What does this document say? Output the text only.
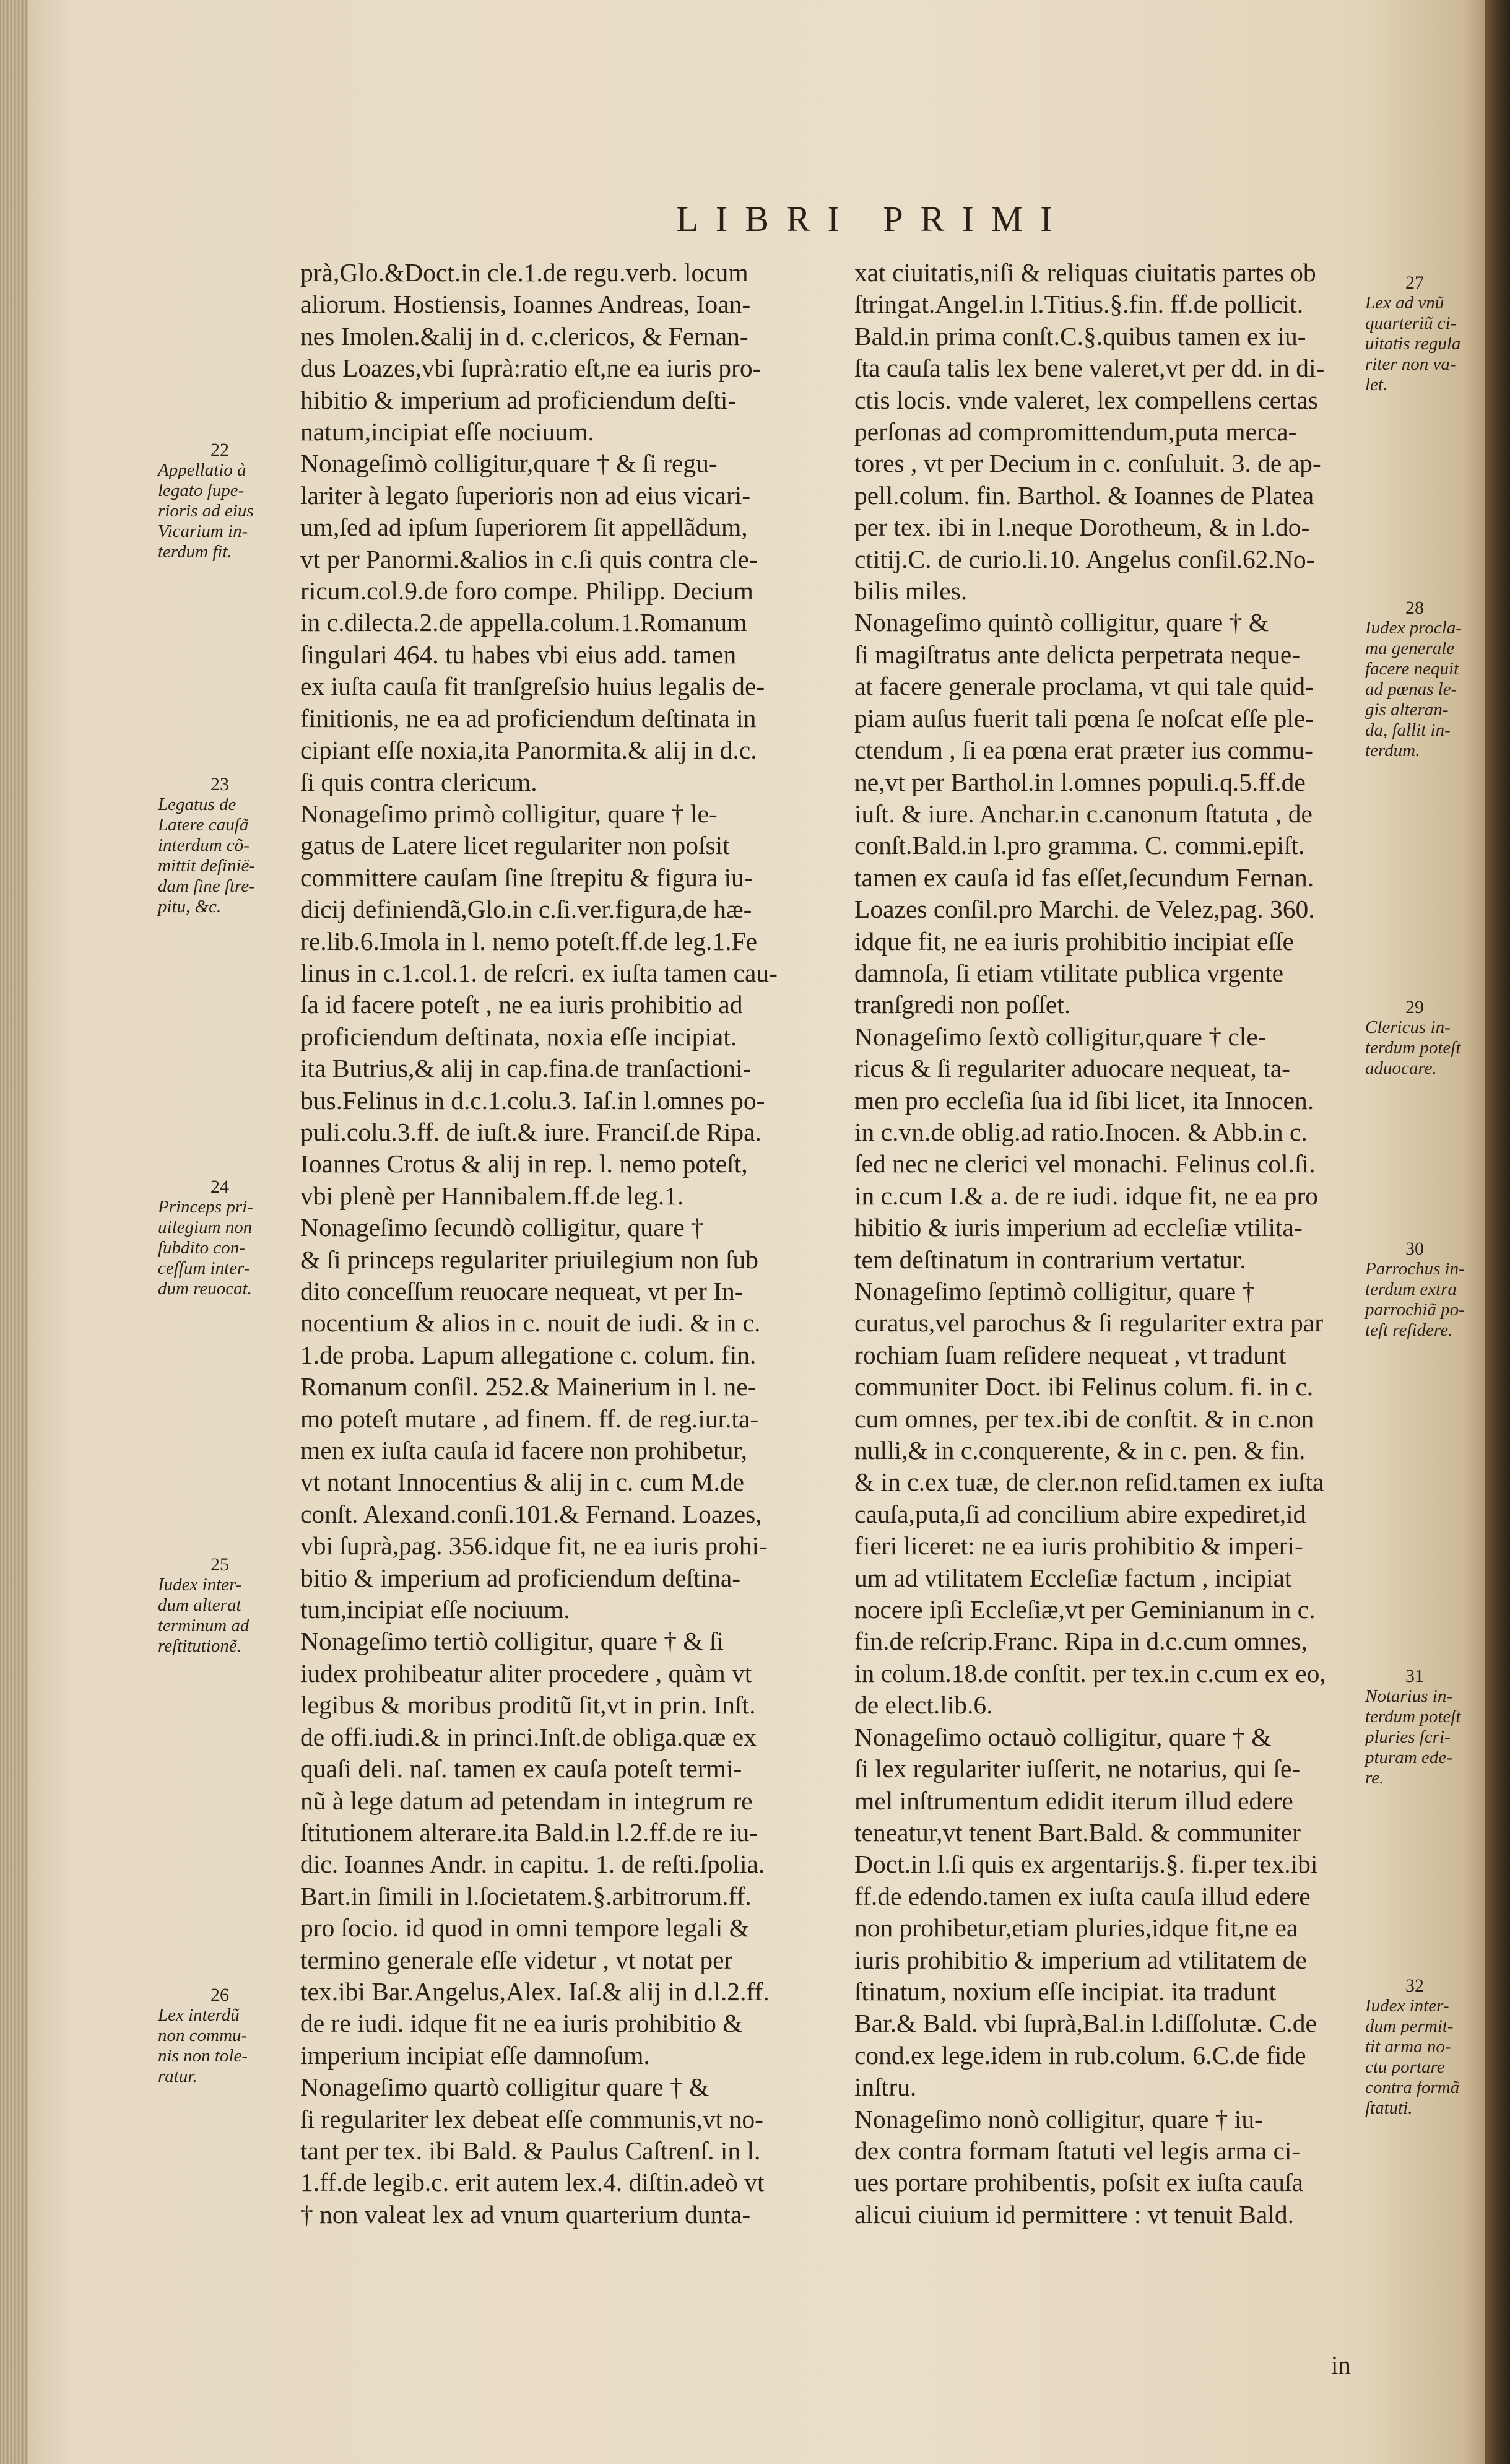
LIBRI PRIMI

prà,Glo.&Doct.in cle.1.de regu.verb. locum

aliorum. Hostiensis, Ioannes Andreas, Ioan-

nes Imolen.&alij in d. c.clericos, & Fernan-

dus Loazes,vbi ſuprà:ratio eſt,ne ea iuris pro-

hibitio & imperium ad proficiendum deſti-

natum,incipiat eſſe nociuum.

Nonageſimò colligitur,quare † & ſi regu-

lariter à legato ſuperioris non ad eius vicari-

um,ſed ad ipſum ſuperiorem ſit appellãdum,

vt per Panormi.&alios in c.ſi quis contra cle-

ricum.col.9.de foro compe. Philipp. Decium

in c.dilecta.2.de appella.colum.1.Romanum

ſingulari 464. tu habes vbi eius add. tamen

ex iuſta cauſa fit tranſgreſsio huius legalis de-

finitionis, ne ea ad proficiendum deſtinata in

cipiant eſſe noxia,ita Panormita.& alij in d.c.

ſi quis contra clericum.

Nonageſimo primò colligitur, quare † le-

gatus de Latere licet regulariter non poſsit

committere cauſam ſine ſtrepitu & figura iu-

dicij definiendã,Glo.in c.ſi.ver.figura,de hæ-

re.lib.6.Imola in l. nemo poteſt.ff.de leg.1.Fe

linus in c.1.col.1. de reſcri. ex iuſta tamen cau-

ſa id facere poteſt , ne ea iuris prohibitio ad

proficiendum deſtinata, noxia eſſe incipiat.

ita Butrius,& alij in cap.fina.de tranſactioni-

bus.Felinus in d.c.1.colu.3. Iaſ.in l.omnes po-

puli.colu.3.ff. de iuſt.& iure. Franciſ.de Ripa.

Ioannes Crotus & alij in rep. l. nemo poteſt,

vbi plenè per Hannibalem.ff.de leg.1.

Nonageſimo ſecundò colligitur, quare †

& ſi princeps regulariter priuilegium non ſub

dito conceſſum reuocare nequeat, vt per In-

nocentium & alios in c. nouit de iudi. & in c.

1.de proba. Lapum allegatione c. colum. fin.

Romanum conſil. 252.& Mainerium in l. ne-

mo poteſt mutare , ad finem. ff. de reg.iur.ta-

men ex iuſta cauſa id facere non prohibetur,

vt notant Innocentius & alij in c. cum M.de

conſt. Alexand.conſi.101.& Fernand. Loazes,

vbi ſuprà,pag. 356.idque fit, ne ea iuris prohi-

bitio & imperium ad proficiendum deſtina-

tum,incipiat eſſe nociuum.

Nonageſimo tertiò colligitur, quare † & ſi

iudex prohibeatur aliter procedere , quàm vt

legibus & moribus proditũ ſit,vt in prin. Inſt.

de offi.iudi.& in princi.Inſt.de obliga.quæ ex

quaſi deli. naſ. tamen ex cauſa poteſt termi-

nũ à lege datum ad petendam in integrum re

ſtitutionem alterare.ita Bald.in l.2.ff.de re iu-

dic. Ioannes Andr. in capitu. 1. de reſti.ſpolia.

Bart.in ſimili in l.ſocietatem.§.arbitrorum.ff.

pro ſocio. id quod in omni tempore legali &

termino generale eſſe videtur , vt notat per

tex.ibi Bar.Angelus,Alex. Iaſ.& alij in d.l.2.ff.

de re iudi. idque fit ne ea iuris prohibitio &

imperium incipiat eſſe damnoſum.

Nonageſimo quartò colligitur quare † &

ſi regulariter lex debeat eſſe communis,vt no-

tant per tex. ibi Bald. & Paulus Caſtrenſ. in l.

1.ff.de legib.c. erit autem lex.4. diſtin.adeò vt

† non valeat lex ad vnum quarterium dunta-

xat ciuitatis,niſi & reliquas ciuitatis partes ob

ſtringat.Angel.in l.Titius.§.fin. ff.de pollicit.

Bald.in prima conſt.C.§.quibus tamen ex iu-

ſta cauſa talis lex bene valeret,vt per dd. in di-

ctis locis. vnde valeret, lex compellens certas

perſonas ad compromittendum,puta merca-

tores , vt per Decium in c. conſuluit. 3. de ap-

pell.colum. fin. Barthol. & Ioannes de Platea

per tex. ibi in l.neque Dorotheum, & in l.do-

ctitij.C. de curio.li.10. Angelus conſil.62.No-

bilis miles.

Nonageſimo quintò colligitur, quare † &

ſi magiſtratus ante delicta perpetrata neque-

at facere generale proclama, vt qui tale quid-

piam auſus fuerit tali pœna ſe noſcat eſſe ple-

ctendum , ſi ea pœna erat præter ius commu-

ne,vt per Barthol.in l.omnes populi.q.5.ff.de

iuſt. & iure. Anchar.in c.canonum ſtatuta , de

conſt.Bald.in l.pro gramma. C. commi.epiſt.

tamen ex cauſa id fas eſſet,ſecundum Fernan.

Loazes conſil.pro Marchi. de Velez,pag. 360.

idque fit, ne ea iuris prohibitio incipiat eſſe

damnoſa, ſi etiam vtilitate publica vrgente

tranſgredi non poſſet.

Nonageſimo ſextò colligitur,quare † cle-

ricus & ſi regulariter aduocare nequeat, ta-

men pro eccleſia ſua id ſibi licet, ita Innocen.

in c.vn.de oblig.ad ratio.Inocen. & Abb.in c.

ſed nec ne clerici vel monachi. Felinus col.ſi.

in c.cum I.& a. de re iudi. idque fit, ne ea pro

hibitio & iuris imperium ad eccleſiæ vtilita-

tem deſtinatum in contrarium vertatur.

Nonageſimo ſeptimò colligitur, quare †

curatus,vel parochus & ſi regulariter extra par

rochiam ſuam reſidere nequeat , vt tradunt

communiter Doct. ibi Felinus colum. fi. in c.

cum omnes, per tex.ibi de conſtit. & in c.non

nulli,& in c.conquerente, & in c. pen. & fin.

& in c.ex tuæ, de cler.non reſid.tamen ex iuſta

cauſa,puta,ſi ad concilium abire expediret,id

fieri liceret: ne ea iuris prohibitio & imperi-

um ad vtilitatem Eccleſiæ factum , incipiat

nocere ipſi Eccleſiæ,vt per Geminianum in c.

fin.de reſcrip.Franc. Ripa in d.c.cum omnes,

in colum.18.de conſtit. per tex.in c.cum ex eo,

de elect.lib.6.

Nonageſimo octauò colligitur, quare † &

ſi lex regulariter iuſſerit, ne notarius, qui ſe-

mel inſtrumentum edidit iterum illud edere

teneatur,vt tenent Bart.Bald. & communiter

Doct.in l.ſi quis ex argentarijs.§. fi.per tex.ibi

ff.de edendo.tamen ex iuſta cauſa illud edere

non prohibetur,etiam pluries,idque fit,ne ea

iuris prohibitio & imperium ad vtilitatem de

ſtinatum, noxium eſſe incipiat. ita tradunt

Bar.& Bald. vbi ſuprà,Bal.in l.diſſolutæ. C.de

cond.ex lege.idem in rub.colum. 6.C.de fide

inſtru.

Nonageſimo nonò colligitur, quare † iu-

dex contra formam ſtatuti vel legis arma ci-

ues portare prohibentis, poſsit ex iuſta cauſa

alicui ciuium id permittere : vt tenuit Bald.

22

Appellatio à

legato ſupe-

rioris ad eius

Vicarium in-

terdum fit.

23

Legatus de

Latere cauſã

interdum cõ-

mittit deſinië-

dam ſine ſtre-

pitu, &c.

24

Princeps pri-

uilegium non

ſubdito con-

ceſſum inter-

dum reuocat.

25

Iudex inter-

dum alterat

terminum ad

reſtitutionẽ.

26

Lex interdũ

non commu-

nis non tole-

ratur.

27

Lex ad vnũ

quarteriũ ci-

uitatis regula

riter non va-

let.

28

Iudex procla-

ma generale

facere nequit

ad pœnas le-

gis alteran-

da, fallit in-

terdum.

29

Clericus in-

terdum poteſt

aduocare.

30

Parrochus in-

terdum extra

parrochiã po-

teſt reſidere.

31

Notarius in-

terdum poteſt

pluries ſcri-

pturam ede-

re.

32

Iudex inter-

dum permit-

tit arma no-

ctu portare

contra formã

ſtatuti.

in
